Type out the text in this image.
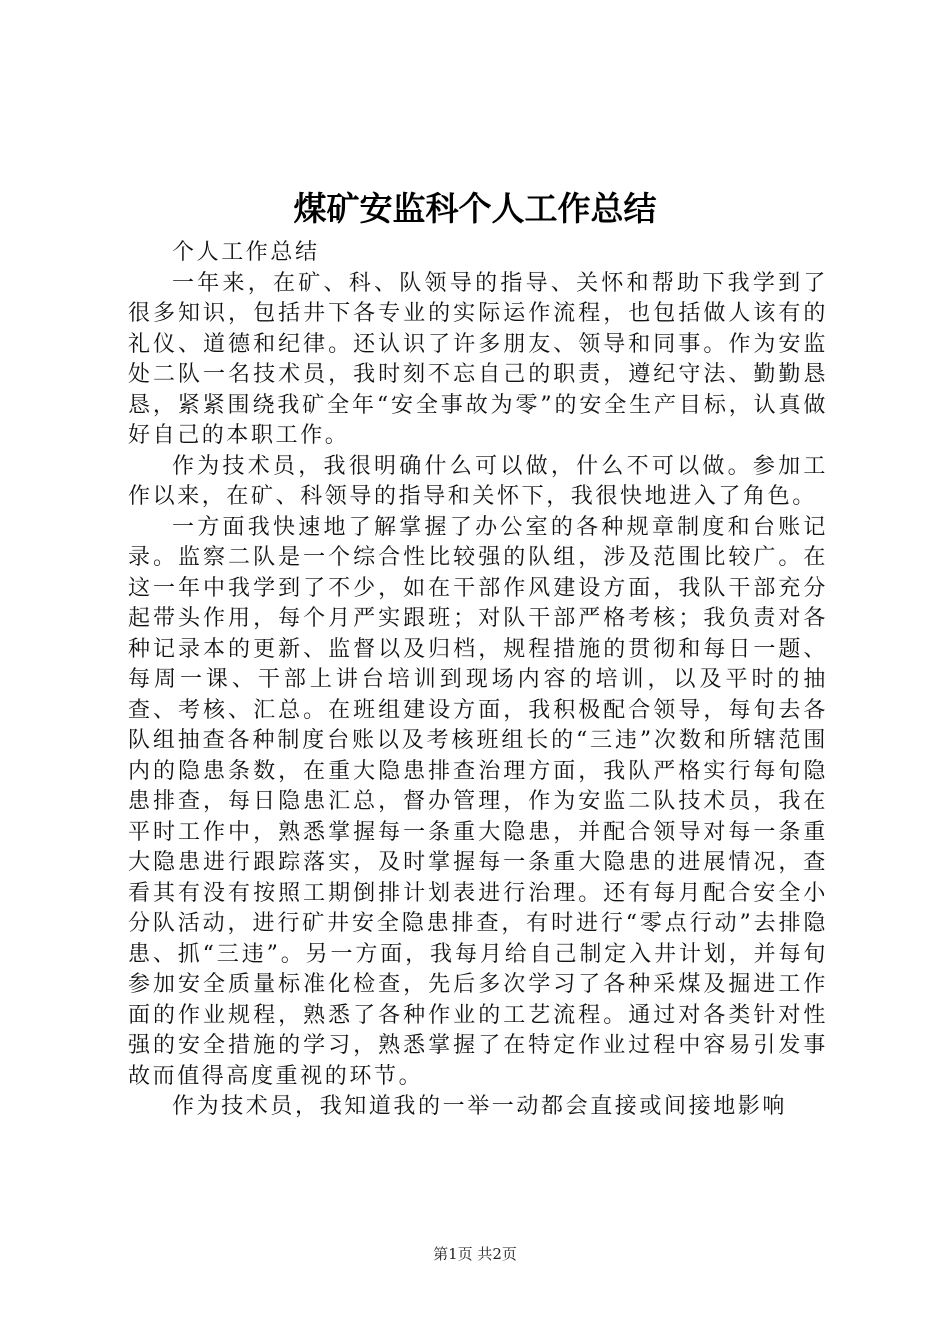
煤矿安监科个人工作总结

个人工作总结

一年来，在矿、科、队领导的指导、关怀和帮助下我学到了很多知识，包括井下各专业的实际运作流程，也包括做人该有的礼仪、道德和纪律。还认识了许多朋友、领导和同事。作为安监处二队一名技术员，我时刻不忘自己的职责，遵纪守法、勤勤恳恳，紧紧围绕我矿全年“安全事故为零”的安全生产目标，认真做好自己的本职工作。

作为技术员，我很明确什么可以做，什么不可以做。参加工作以来，在矿、科领导的指导和关怀下，我很快地进入了角色。

一方面我快速地了解掌握了办公室的各种规章制度和台账记录。监察二队是一个综合性比较强的队组，涉及范围比较广。在这一年中我学到了不少，如在干部作风建设方面，我队干部充分起带头作用，每个月严实跟班；对队干部严格考核；我负责对各种记录本的更新、监督以及归档，规程措施的贯彻和每日一题、每周一课、干部上讲台培训到现场内容的培训，以及平时的抽查、考核、汇总。在班组建设方面，我积极配合领导，每旬去各队组抽查各种制度台账以及考核班组长的“三违”次数和所辖范围内的隐患条数，在重大隐患排查治理方面，我队严格实行每旬隐患排查，每日隐患汇总，督办管理，作为安监二队技术员，我在平时工作中，熟悉掌握每一条重大隐患，并配合领导对每一条重大隐患进行跟踪落实，及时掌握每一条重大隐患的进展情况，查看其有没有按照工期倒排计划表进行治理。还有每月配合安全小分队活动，进行矿井安全隐患排查，有时进行“零点行动”去排隐患、抓“三违”。另一方面，我每月给自己制定入井计划，并每旬参加安全质量标准化检查，先后多次学习了各种采煤及掘进工作面的作业规程，熟悉了各种作业的工艺流程。通过对各类针对性强的安全措施的学习，熟悉掌握了在特定作业过程中容易引发事故而值得高度重视的环节。

作为技术员，我知道我的一举一动都会直接或间接地影响

第1页 共2页
